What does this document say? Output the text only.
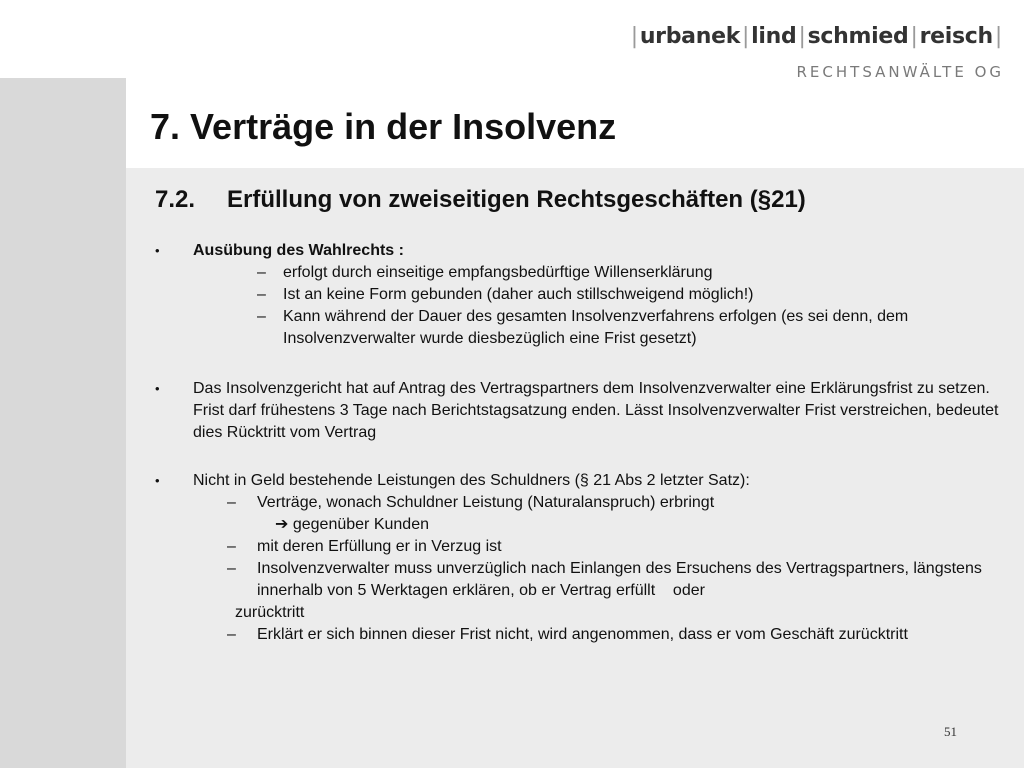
|urbanek|lind|schmied|reisch|
RECHTSANWÄLTE OG
7. Verträge in der Insolvenz
7.2. Erfüllung von zweiseitigen Rechtsgeschäften (§21)
• Ausübung des Wahlrechts :
– erfolgt durch einseitige empfangsbedürftige Willenserklärung
– Ist an keine Form gebunden (daher auch stillschweigend möglich!)
– Kann während der Dauer des gesamten Insolvenzverfahrens erfolgen (es sei denn, dem Insolvenzverwalter wurde diesbezüglich eine Frist gesetzt)
• Das Insolvenzgericht hat auf Antrag des Vertragspartners dem Insolvenzverwalter eine Erklärungsfrist zu setzen. Frist darf frühestens 3 Tage nach Berichtstagsatzung enden. Lässt Insolvenzverwalter Frist verstreichen, bedeutet dies Rücktritt vom Vertrag
• Nicht in Geld bestehende Leistungen des Schuldners (§ 21 Abs 2 letzter Satz):
– Verträge, wonach Schuldner Leistung (Naturalanspruch) erbringt
➔ gegenüber Kunden
– mit deren Erfüllung er in Verzug ist
– Insolvenzverwalter muss unverzüglich nach Einlangen des Ersuchens des Vertragspartners, längstens innerhalb von 5 Werktagen erklären, ob er Vertrag erfüllt    oder
zurücktritt
– Erklärt er sich binnen dieser Frist nicht, wird angenommen, dass er vom Geschäft zurücktritt
51
